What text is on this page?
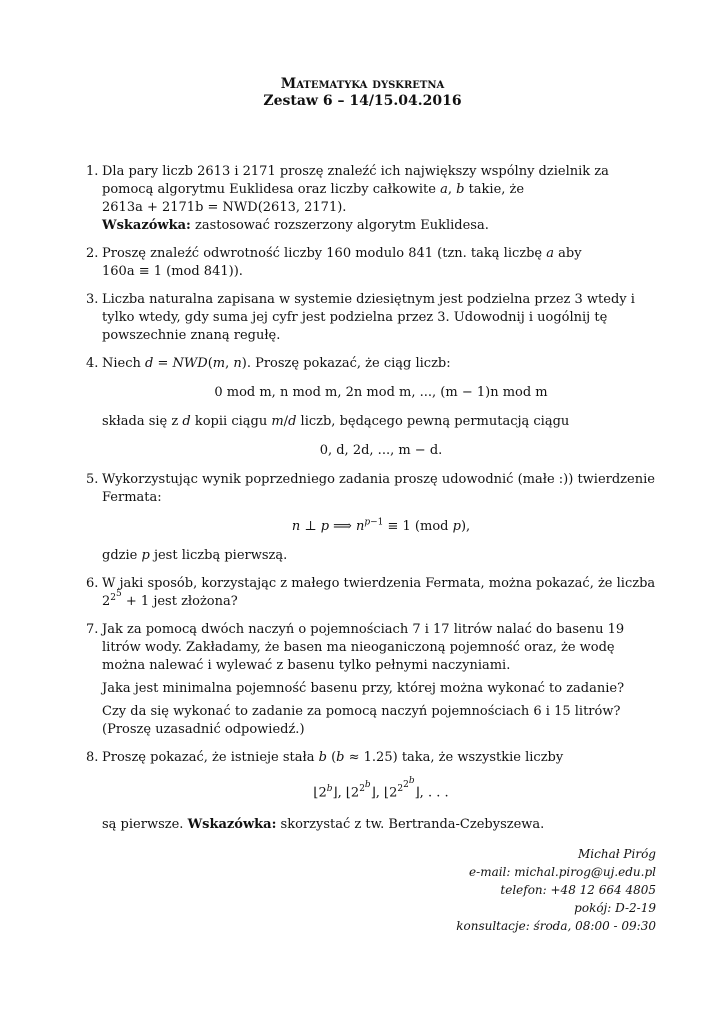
Matematyka dyskretna
Zestaw 6 – 14/15.04.2016
1. Dla pary liczb 2613 i 2171 proszę znaleźć ich największy wspólny dzielnik za pomocą algorytmu Euklidesa oraz liczby całkowite a, b takie, że
2613a + 2171b = NWD(2613, 2171).
Wskazówka: zastosować rozszerzony algorytm Euklidesa.

2. Proszę znaleźć odwrotność liczby 160 modulo 841 (tzn. taką liczbę a aby
160a ≡ 1 (mod 841)).

3. Liczba naturalna zapisana w systemie dziesiętnym jest podzielna przez 3 wtedy i tylko wtedy, gdy suma jej cyfr jest podzielna przez 3. Udowodnij i uogólnij tę powszechnie znaną regułę.

4. Niech d = NWD(m, n). Proszę pokazać, że ciąg liczb:

0 mod m, n mod m, 2n mod m, ..., (m − 1)n mod m

składa się z d kopii ciągu m/d liczb, będącego pewną permutacją ciągu

0, d, 2d, ..., m − d.
5. Wykorzystując wynik poprzedniego zadania proszę udowodnić (małe :)) twierdzenie Fermata:

n ⊥ p ⟹ $n^{p-1} \equiv 1$ (mod p),

gdzie p jest liczbą pierwszą.

6. W jaki sposób, korzystając z małego twierdzenia Fermata, można pokazać, że liczba $2^{2^5} + 1$ jest złożona?

7. Jak za pomocą dwóch naczyń o pojemnościach 7 i 17 litrów nalać do basenu 19 litrów wody. Zakładamy, że basen ma nieoganiczoną pojemność oraz, że wodę można nalewać i wylewać z basenu tylko pełnymi naczyniami.

Jaka jest minimalna pojemność basenu przy, której można wykonać to zadanie?

Czy da się wykonać to zadanie za pomocą naczyń pojemnościach 6 i 15 litrów? (Proszę uzasadnić odpowiedź.)

8. Proszę pokazać, że istnieje stała b (b ≈ 1.25) taka, że wszystkie liczby

⌊2$^b$⌋, $⌊2^{2^b}⌋$, $⌊2^{2^{2^b}}⌋$, . . .

są pierwsze. Wskazówka: skorzystać z tw. Bertranda-Czebyszewa.

Michał Piróg
e-mail: michal.pirog@uj.edu.pl
telefon: +48 12 664 4805
pokój: D-2-19
konsultacje: środa, 08:00 - 09:30
